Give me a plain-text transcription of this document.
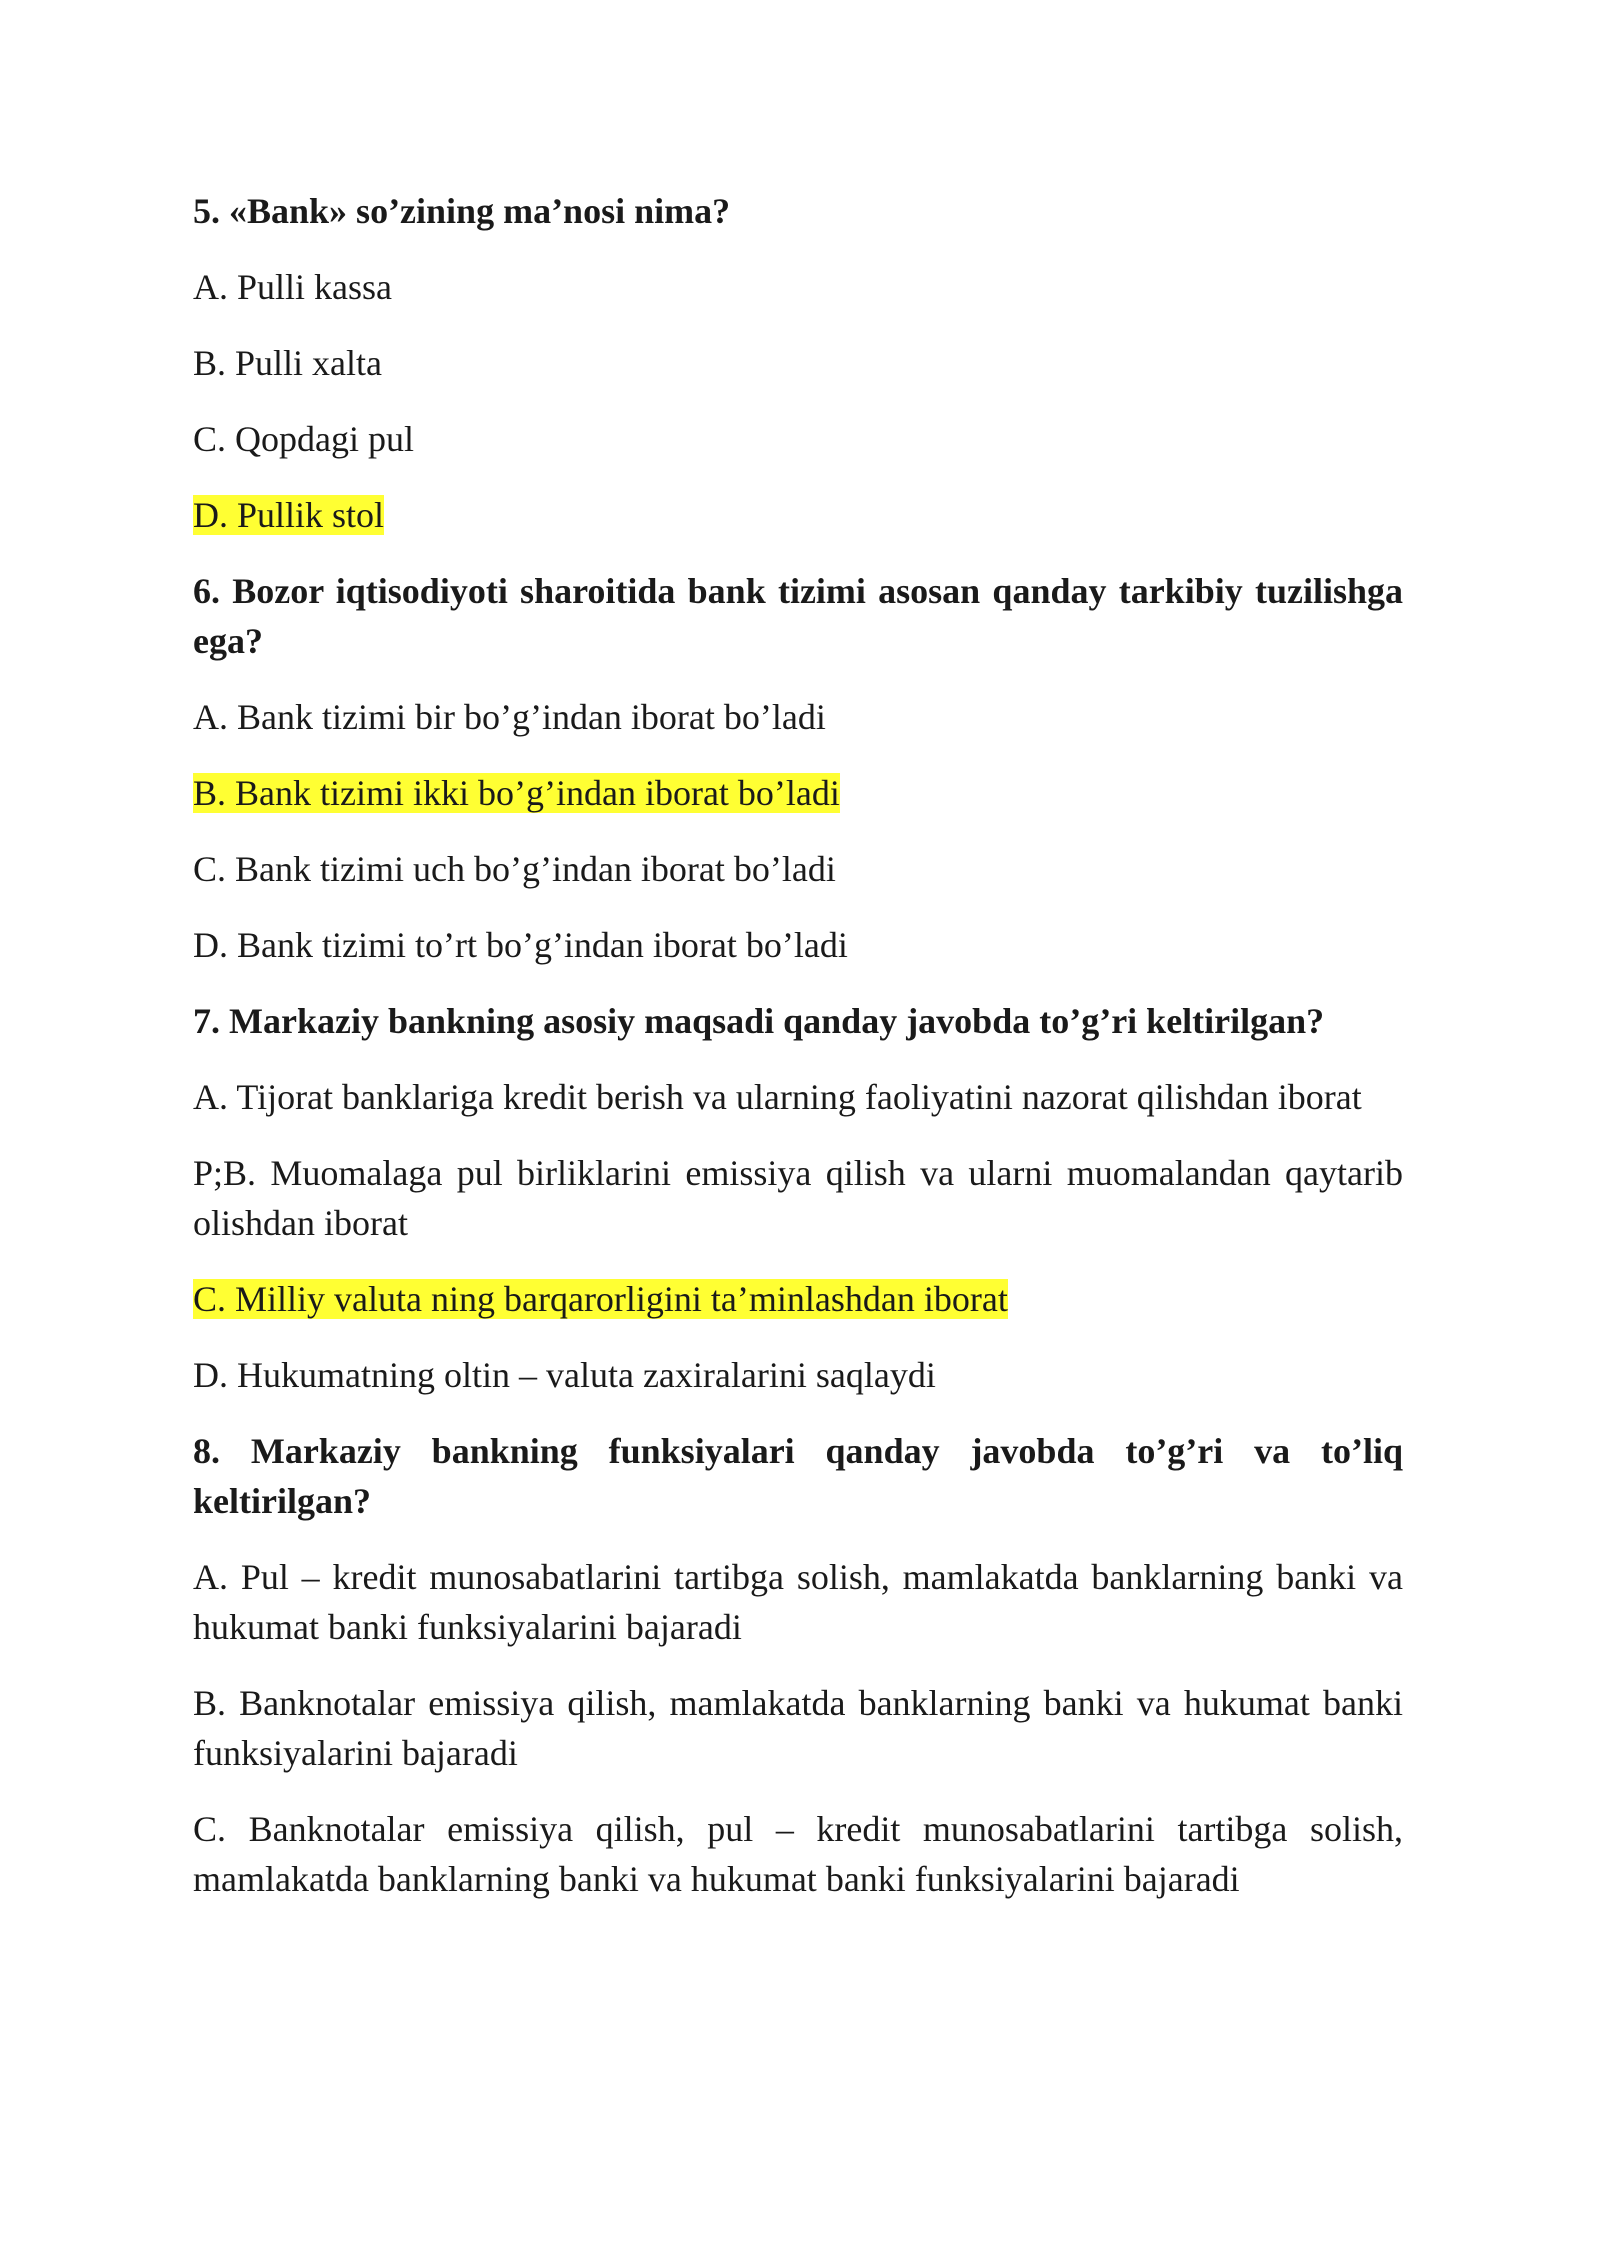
5. «Bank» so’zining ma’nosi nima?
A. Pulli kassa
B. Pulli xalta
C. Qopdagi pul
D. Pullik stol
6. Bozor iqtisodiyoti sharoitida bank tizimi asosan qanday tarkibiy tuzilishga ega?
A. Bank tizimi bir bo’g’indan iborat bo’ladi
B. Bank tizimi ikki bo’g’indan iborat bo’ladi
C. Bank tizimi uch bo’g’indan iborat bo’ladi
D. Bank tizimi to’rt bo’g’indan iborat bo’ladi
7. Markaziy bankning asosiy maqsadi qanday javobda to’g’ri keltirilgan?
A. Tijorat banklariga kredit berish va ularning faoliyatini nazorat qilishdan iborat
P;B. Muomalaga pul birliklarini emissiya qilish va ularni muomalandan qaytarib olishdan iborat
C. Milliy valuta ning barqarorligini ta’minlashdan iborat
D. Hukumatning oltin – valuta zaxiralarini saqlaydi
8. Markaziy bankning funksiyalari qanday javobda to’g’ri va to’liq keltirilgan?
A. Pul – kredit munosabatlarini tartibga solish, mamlakatda banklarning banki va hukumat banki funksiyalarini bajaradi
B. Banknotalar emissiya qilish, mamlakatda banklarning banki va hukumat banki funksiyalarini bajaradi
C. Banknotalar emissiya qilish, pul – kredit munosabatlarini tartibga solish, mamlakatda banklarning banki va hukumat banki funksiyalarini bajaradi
